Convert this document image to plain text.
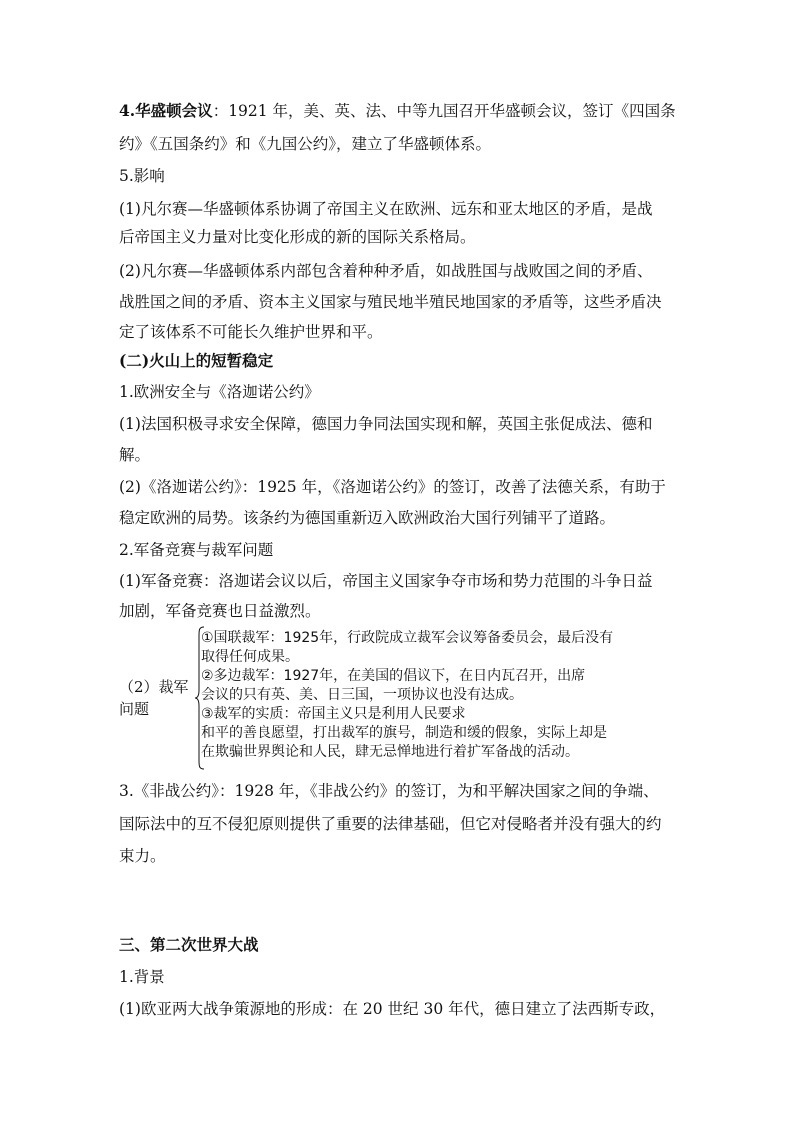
4.华盛顿会议：1921 年，美、英、法、中等九国召开华盛顿会议，签订《四国条
约》《五国条约》和《九国公约》，建立了华盛顿体系。
5.影响
(1)凡尔赛—华盛顿体系协调了帝国主义在欧洲、远东和亚太地区的矛盾，是战
后帝国主义力量对比变化形成的新的国际关系格局。
(2)凡尔赛—华盛顿体系内部包含着种种矛盾，如战胜国与战败国之间的矛盾、
战胜国之间的矛盾、资本主义国家与殖民地半殖民地国家的矛盾等，这些矛盾决
定了该体系不可能长久维护世界和平。
(二)火山上的短暂稳定
1.欧洲安全与《洛迦诺公约》
(1)法国积极寻求安全保障，德国力争同法国实现和解，英国主张促成法、德和
解。
(2)《洛迦诺公约》：1925 年，《洛迦诺公约》的签订，改善了法德关系，有助于
稳定欧洲的局势。该条约为德国重新迈入欧洲政治大国行列铺平了道路。
2.军备竞赛与裁军问题
(1)军备竞赛：洛迦诺会议以后，帝国主义国家争夺市场和势力范围的斗争日益
加剧，军备竞赛也日益激烈。
（2）裁军
问题
①国联裁军：1925年，行政院成立裁军会议筹备委员会，最后没有
取得任何成果。
②多边裁军：1927年，在美国的倡议下，在日内瓦召开，出席
会议的只有英、美、日三国，一项协议也没有达成。
③裁军的实质：帝国主义只是利用人民要求
和平的善良愿望，打出裁军的旗号，制造和缓的假象，实际上却是
在欺骗世界舆论和人民，肆无忌惮地进行着扩军备战的活动。
3.《非战公约》：1928 年，《非战公约》的签订，为和平解决国家之间的争端、
国际法中的互不侵犯原则提供了重要的法律基础，但它对侵略者并没有强大的约
束力。
三、第二次世界大战
1.背景
(1)欧亚两大战争策源地的形成：在 20 世纪 30 年代，德日建立了法西斯专政，
